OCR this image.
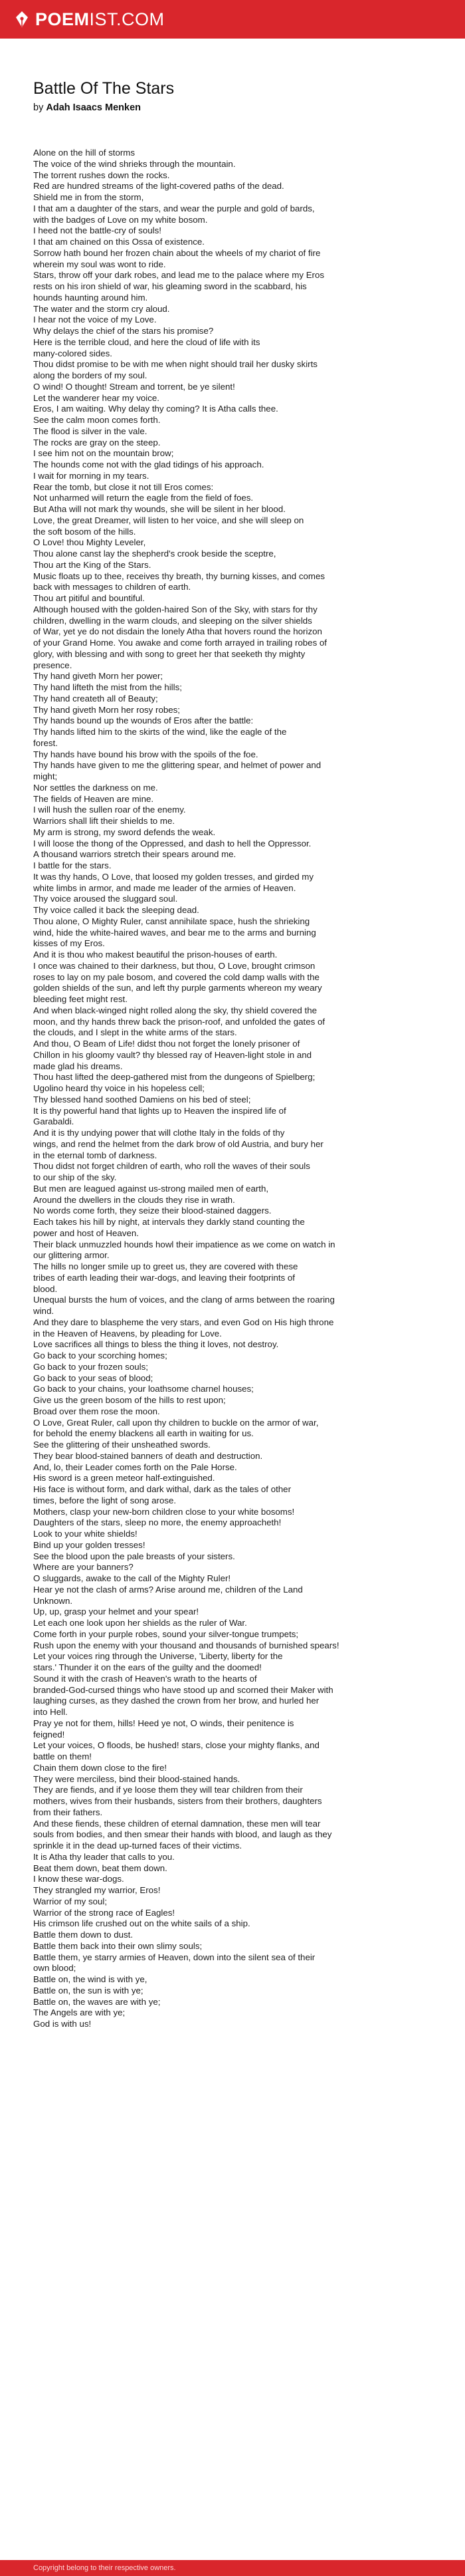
POEM IST.COM
Battle Of The Stars
by Adah Isaacs Menken
Alone on the hill of storms
The voice of the wind shrieks through the mountain.
The torrent rushes down the rocks.
Red are hundred streams of the light-covered paths of the dead.
Shield me in from the storm,
I that am a daughter of the stars, and wear the purple and gold of bards,
with the badges of Love on my white bosom.
I heed not the battle-cry of souls!
I that am chained on this Ossa of existence.
Sorrow hath bound her frozen chain about the wheels of my chariot of fire
wherein my soul was wont to ride.
Stars, throw off your dark robes, and lead me to the palace where my Eros
rests on his iron shield of war, his gleaming sword in the scabbard, his
hounds haunting around him.
The water and the storm cry aloud.
I hear not the voice of my Love.
Why delays the chief of the stars his promise?
Here is the terrible cloud, and here the cloud of life with its
many-colored sides.
Thou didst promise to be with me when night should trail her dusky skirts
along the borders of my soul.
O wind! O thought! Stream and torrent, be ye silent!
Let the wanderer hear my voice.
Eros, I am waiting. Why delay thy coming? It is Atha calls thee.
See the calm moon comes forth.
The flood is silver in the vale.
The rocks are gray on the steep.
I see him not on the mountain brow;
The hounds come not with the glad tidings of his approach.
I wait for morning in my tears.
Rear the tomb, but close it not till Eros comes:
Not unharmed will return the eagle from the field of foes.
But Atha will not mark thy wounds, she will be silent in her blood.
Love, the great Dreamer, will listen to her voice, and she will sleep on
the soft bosom of the hills.
O Love! thou Mighty Leveler,
Thou alone canst lay the shepherd's crook beside the sceptre,
Thou art the King of the Stars.
Music floats up to thee, receives thy breath, thy burning kisses, and comes
back with messages to children of earth.
Thou art pitiful and bountiful.
Although housed with the golden-haired Son of the Sky, with stars for thy
children, dwelling in the warm clouds, and sleeping on the silver shields
of War, yet ye do not disdain the lonely Atha that hovers round the horizon
of your Grand Home. You awake and come forth arrayed in trailing robes of
glory, with blessing and with song to greet her that seeketh thy mighty
presence.
Thy hand giveth Morn her power;
Thy hand lifteth the mist from the hills;
Thy hand createth all of Beauty;
Thy hand giveth Morn her rosy robes;
Thy hands bound up the wounds of Eros after the battle:
Thy hands lifted him to the skirts of the wind, like the eagle of the
forest.
Thy hands have bound his brow with the spoils of the foe.
Thy hands have given to me the glittering spear, and helmet of power and
might;
Nor settles the darkness on me.
The fields of Heaven are mine.
I will hush the sullen roar of the enemy.
Warriors shall lift their shields to me.
My arm is strong, my sword defends the weak.
I will loose the thong of the Oppressed, and dash to hell the Oppressor.
A thousand warriors stretch their spears around me.
I battle for the stars.
It was thy hands, O Love, that loosed my golden tresses, and girded my
white limbs in armor, and made me leader of the armies of Heaven.
Thy voice aroused the sluggard soul.
Thy voice called it back the sleeping dead.
Thou alone, O Mighty Ruler, canst annihilate space, hush the shrieking
wind, hide the white-haired waves, and bear me to the arms and burning
kisses of my Eros.
And it is thou who makest beautiful the prison-houses of earth.
I once was chained to their darkness, but thou, O Love, brought crimson
roses to lay on my pale bosom, and covered the cold damp walls with the
golden shields of the sun, and left thy purple garments whereon my weary
bleeding feet might rest.
And when black-winged night rolled along the sky, thy shield covered the
moon, and thy hands threw back the prison-roof, and unfolded the gates of
the clouds, and I slept in the white arms of the stars.
And thou, O Beam of Life! didst thou not forget the lonely prisoner of
Chillon in his gloomy vault? thy blessed ray of Heaven-light stole in and
made glad his dreams.
Thou hast lifted the deep-gathered mist from the dungeons of Spielberg;
Ugolino heard thy voice in his hopeless cell;
Thy blessed hand soothed Damiens on his bed of steel;
It is thy powerful hand that lights up to Heaven the inspired life of
Garabaldi.
And it is thy undying power that will clothe Italy in the folds of thy
wings, and rend the helmet from the dark brow of old Austria, and bury her
in the eternal tomb of darkness.
Thou didst not forget children of earth, who roll the waves of their souls
to our ship of the sky.
But men are leagued against us-strong mailed men of earth,
Around the dwellers in the clouds they rise in wrath.
No words come forth, they seize their blood-stained daggers.
Each takes his hill by night, at intervals they darkly stand counting the
power and host of Heaven.
Their black unmuzzled hounds howl their impatience as we come on watch in
our glittering armor.
The hills no longer smile up to greet us, they are covered with these
tribes of earth leading their war-dogs, and leaving their footprints of
blood.
Unequal bursts the hum of voices, and the clang of arms between the roaring
wind.
And they dare to blaspheme the very stars, and even God on His high throne
in the Heaven of Heavens, by pleading for Love.
Love sacrifices all things to bless the thing it loves, not destroy.
Go back to your scorching homes;
Go back to your frozen souls;
Go back to your seas of blood;
Go back to your chains, your loathsome charnel houses;
Give us the green bosom of the hills to rest upon;
Broad over them rose the moon.
O Love, Great Ruler, call upon thy children to buckle on the armor of war,
for behold the enemy blackens all earth in waiting for us.
See the glittering of their unsheathed swords.
They bear blood-stained banners of death and destruction.
And, lo, their Leader comes forth on the Pale Horse.
His sword is a green meteor half-extinguished.
His face is without form, and dark withal, dark as the tales of other
times, before the light of song arose.
Mothers, clasp your new-born children close to your white bosoms!
Daughters of the stars, sleep no more, the enemy approacheth!
Look to your white shields!
Bind up your golden tresses!
See the blood upon the pale breasts of your sisters.
Where are your banners?
O sluggards, awake to the call of the Mighty Ruler!
Hear ye not the clash of arms? Arise around me, children of the Land
Unknown.
Up, up, grasp your helmet and your spear!
Let each one look upon her shields as the ruler of War.
Come forth in your purple robes, sound your silver-tongue trumpets;
Rush upon the enemy with your thousand and thousands of burnished spears!
Let your voices ring through the Universe, 'Liberty, liberty for the
stars.' Thunder it on the ears of the guilty and the doomed!
Sound it with the crash of Heaven's wrath to the hearts of
branded-God-cursed things who have stood up and scorned their Maker with
laughing curses, as they dashed the crown from her brow, and hurled her
into Hell.
Pray ye not for them, hills! Heed ye not, O winds, their penitence is
feigned!
Let your voices, O floods, be hushed! stars, close your mighty flanks, and
battle on them!
Chain them down close to the fire!
They were merciless, bind their blood-stained hands.
They are fiends, and if ye loose them they will tear children from their
mothers, wives from their husbands, sisters from their brothers, daughters
from their fathers.
And these fiends, these children of eternal damnation, these men will tear
souls from bodies, and then smear their hands with blood, and laugh as they
sprinkle it in the dead up-turned faces of their victims.
It is Atha thy leader that calls to you.
Beat them down, beat them down.
I know these war-dogs.
They strangled my warrior, Eros!
Warrior of my soul;
Warrior of the strong race of Eagles!
His crimson life crushed out on the white sails of a ship.
Battle them down to dust.
Battle them back into their own slimy souls;
Battle them, ye starry armies of Heaven, down into the silent sea of their
own blood;
Battle on, the wind is with ye,
Battle on, the sun is with ye;
Battle on, the waves are with ye;
The Angels are with ye;
God is with us!
Copyright belong to their respective owners.
